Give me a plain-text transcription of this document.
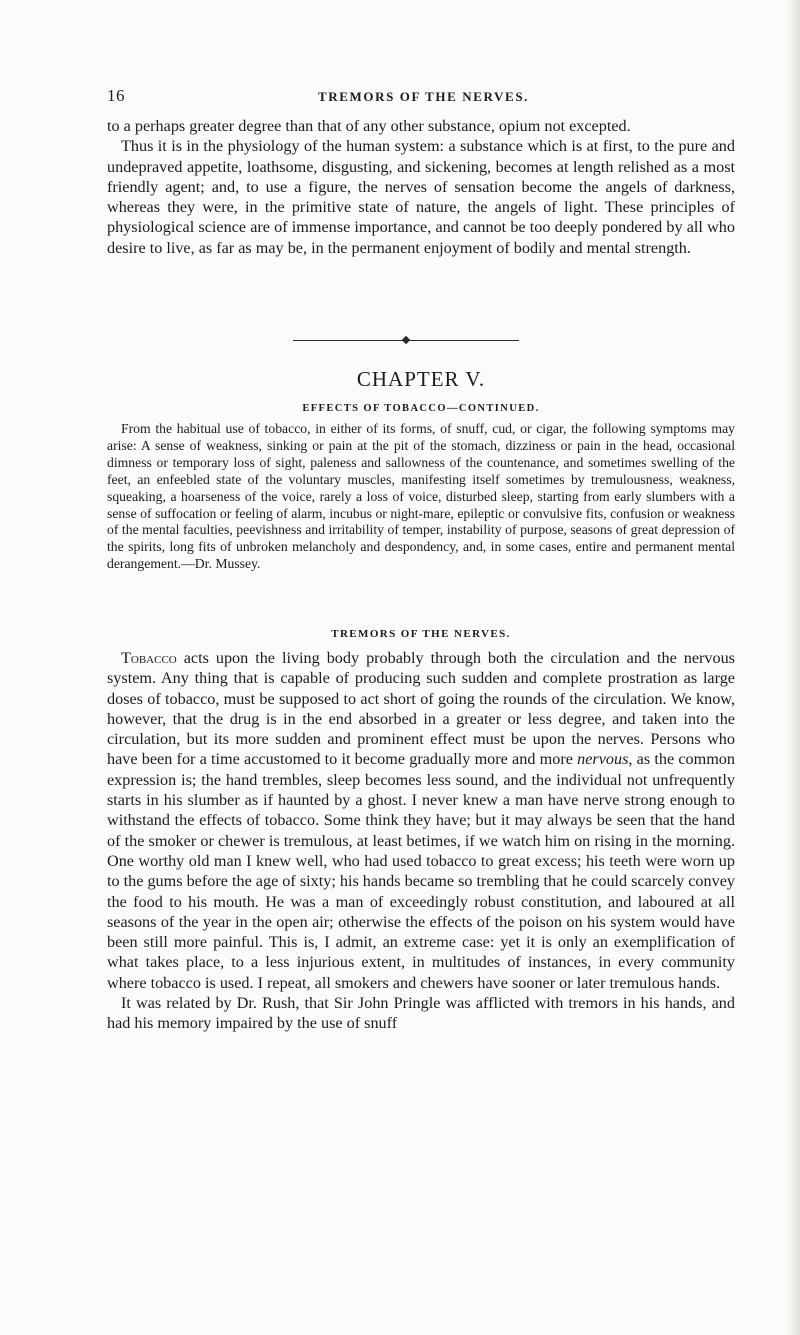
16	TREMORS OF THE NERVES.

to a perhaps greater degree than that of any other substance, opium not excepted.

Thus it is in the physiology of the human system: a substance which is at first, to the pure and undepraved appetite, loathsome, disgusting, and sickening, becomes at length relished as a most friendly agent; and, to use a figure, the nerves of sensation become the angels of darkness, whereas they were, in the primitive state of nature, the angels of light. These principles of physiological science are of immense importance, and cannot be too deeply pondered by all who desire to live, as far as may be, in the permanent enjoyment of bodily and mental strength.

CHAPTER V.
EFFECTS OF TOBACCO—CONTINUED.

From the habitual use of tobacco, in either of its forms, of snuff, cud, or cigar, the following symptoms may arise: A sense of weakness, sinking or pain at the pit of the stomach, dizziness or pain in the head, occasional dimness or temporary loss of sight, paleness and sallowness of the countenance, and sometimes swelling of the feet, an enfeebled state of the voluntary muscles, manifesting itself sometimes by tremulousness, weakness, squeaking, a hoarseness of the voice, rarely a loss of voice, disturbed sleep, starting from early slumbers with a sense of suffocation or feeling of alarm, incubus or night-mare, epileptic or convulsive fits, confusion or weakness of the mental faculties, peevishness and irritability of temper, instability of purpose, seasons of great depression of the spirits, long fits of unbroken melancholy and despondency, and, in some cases, entire and permanent mental derangement.—Dr. Mussey.

TREMORS OF THE NERVES.

Tobacco acts upon the living body probably through both the circulation and the nervous system. Any thing that is capable of producing such sudden and complete prostration as large doses of tobacco, must be supposed to act short of going the rounds of the circulation. We know, however, that the drug is in the end absorbed in a greater or less degree, and taken into the circulation, but its more sudden and prominent effect must be upon the nerves. Persons who have been for a time accustomed to it become gradually more and more nervous, as the common expression is; the hand trembles, sleep becomes less sound, and the individual not unfrequently starts in his slumber as if haunted by a ghost. I never knew a man have nerve strong enough to withstand the effects of tobacco. Some think they have; but it may always be seen that the hand of the smoker or chewer is tremulous, at least betimes, if we watch him on rising in the morning. One worthy old man I knew well, who had used tobacco to great excess; his teeth were worn up to the gums before the age of sixty; his hands became so trembling that he could scarcely convey the food to his mouth. He was a man of exceedingly robust constitution, and laboured at all seasons of the year in the open air; otherwise the effects of the poison on his system would have been still more painful. This is, I admit, an extreme case: yet it is only an exemplification of what takes place, to a less injurious extent, in multitudes of instances, in every community where tobacco is used. I repeat, all smokers and chewers have sooner or later tremulous hands.

It was related by Dr. Rush, that Sir John Pringle was afflicted with tremors in his hands, and had his memory impaired by the use of snuff
